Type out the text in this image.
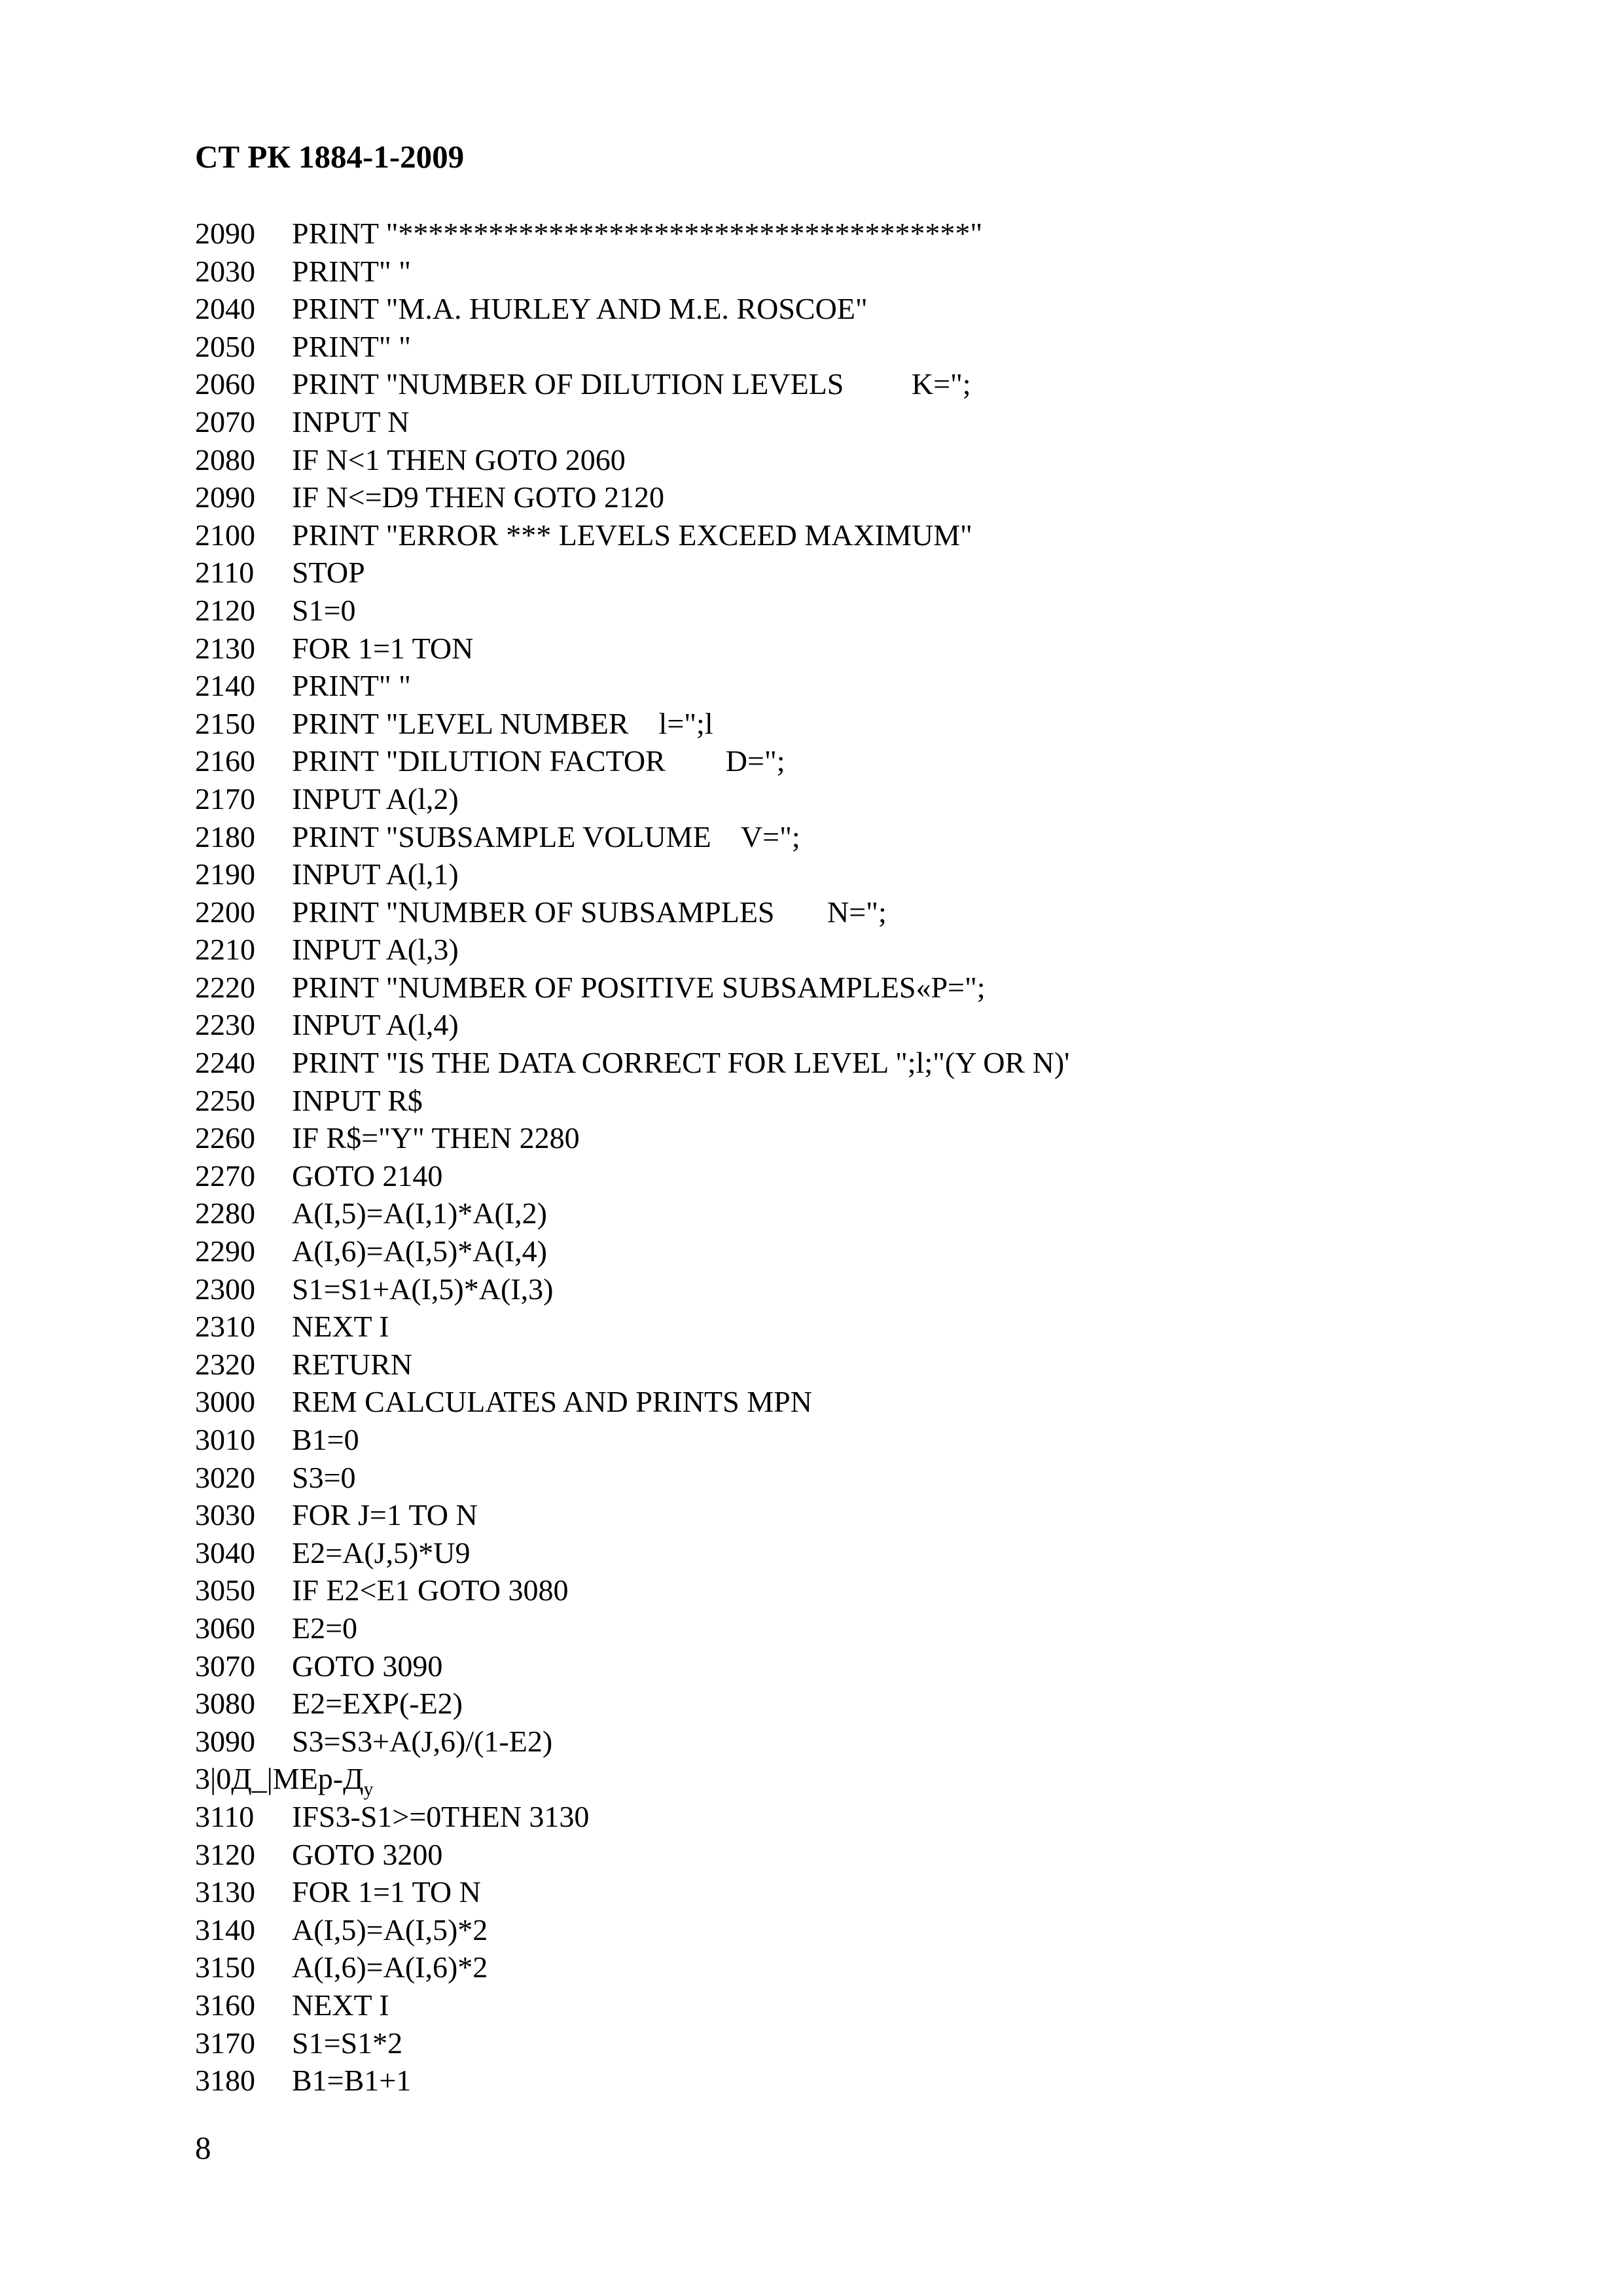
СТ РК 1884-1-2009
2090	PRINT "**************************************"
2030	PRINT" "
2040	PRINT "M.A. HURLEY AND M.E. ROSCOE"
2050	PRINT" "
2060	PRINT "NUMBER OF DILUTION LEVELS         K=";
2070	INPUT N
2080	IF N<1 THEN GOTO 2060
2090	IF N<=D9 THEN GOTO 2120
2100	PRINT "ERROR *** LEVELS EXCEED MAXIMUM"
2110	STOP
2120	S1=0
2130	FOR 1=1 TON
2140	PRINT" "
2150	PRINT "LEVEL NUMBER    l=";l
2160	PRINT "DILUTION FACTOR        D=";
2170	INPUT A(l,2)
2180	PRINT "SUBSAMPLE VOLUME    V=";
2190	INPUT A(l,1)
2200	PRINT "NUMBER OF SUBSAMPLES       N=";
2210	INPUT A(l,3)
2220	PRINT "NUMBER OF POSITIVE SUBSAMPLES«P=";
2230	INPUT A(l,4)
2240	PRINT "IS THE DATA CORRECT FOR LEVEL ";l;"(Y OR N)'
2250	INPUT R$
2260	IF R$="Y" THEN 2280
2270	GOTO 2140
2280	A(I,5)=A(I,1)*A(I,2)
2290	A(I,6)=A(I,5)*A(I,4)
2300	S1=S1+A(I,5)*A(I,3)
2310	NEXT I
2320	RETURN
3000	REM CALCULATES AND PRINTS MPN
3010	B1=0
3020	S3=0
3030	FOR J=1 TO N
3040	E2=A(J,5)*U9
3050	IF E2<E1 GOTO 3080
3060	E2=0
3070	GOTO 3090
3080	E2=EXP(-E2)
3090	S3=S3+A(J,6)/(1-E2)
$3|0Д\_|MEp-Д_у$
3110	IFS3-S1>=0THEN 3130
3120	GOTO 3200
3130	FOR 1=1 TO N
3140	A(I,5)=A(I,5)*2
3150	A(I,6)=A(I,6)*2
3160	NEXT I
3170	S1=S1*2
3180	B1=B1+1
8
